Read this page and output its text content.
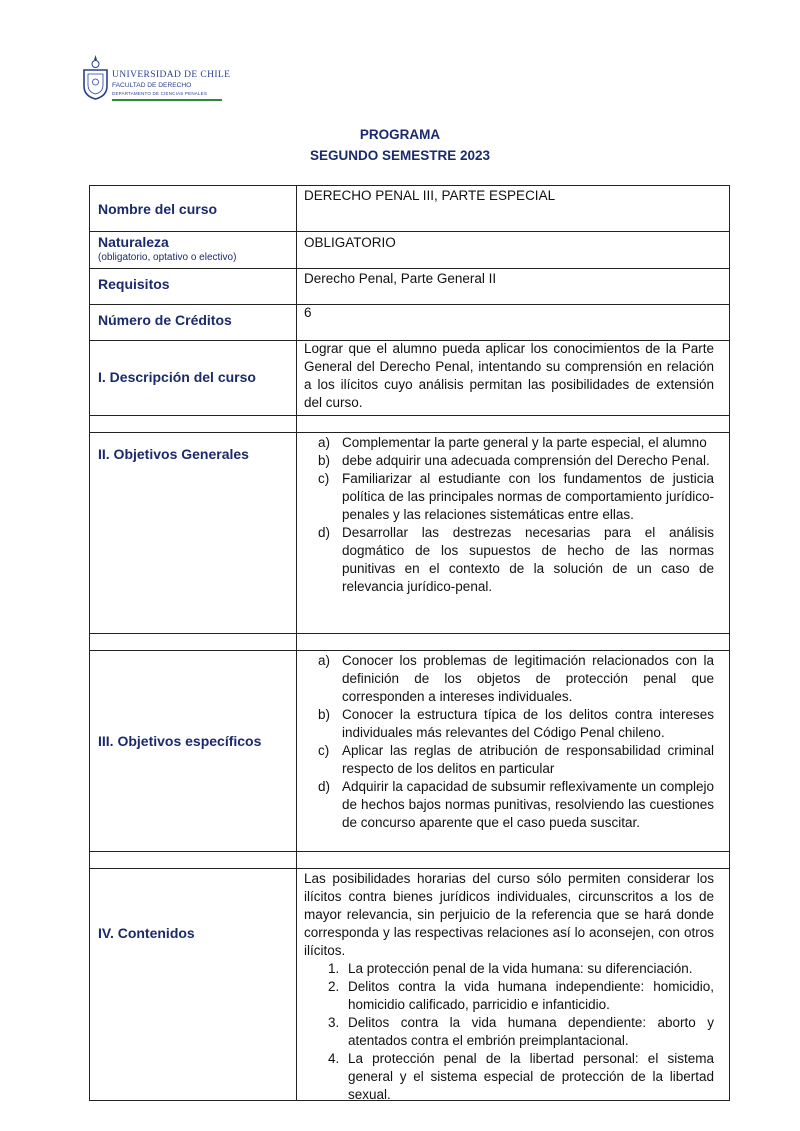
UNIVERSIDAD DE CHILE
FACULTAD DE DERECHO
DEPARTAMENTO DE CIENCIAS PENALES
PROGRAMA
SEGUNDO SEMESTRE 2023
Nombre del curso
DERECHO PENAL III, PARTE ESPECIAL
Naturaleza
(obligatorio, optativo o electivo)
OBLIGATORIO
Requisitos	Derecho Penal, Parte General II
Número de Créditos	6
I. Descripción del curso
Lograr que el alumno pueda aplicar los conocimientos de la Parte General del Derecho Penal, intentando su comprensión en relación a los ilícitos cuyo análisis permitan las posibilidades de extensión del curso.
II. Objetivos Generales
a) Complementar la parte general y la parte especial, el alumno
b) debe adquirir una adecuada comprensión del Derecho Penal.
c) Familiarizar al estudiante con los fundamentos de justicia política de las principales normas de comportamiento jurídico-penales y las relaciones sistemáticas entre ellas.
d) Desarrollar las destrezas necesarias para el análisis dogmático de los supuestos de hecho de las normas punitivas en el contexto de la solución de un caso de relevancia jurídico-penal.
III. Objetivos específicos
a) Conocer los problemas de legitimación relacionados con la definición de los objetos de protección penal que corresponden a intereses individuales.
b) Conocer la estructura típica de los delitos contra intereses individuales más relevantes del Código Penal chileno.
c) Aplicar las reglas de atribución de responsabilidad criminal respecto de los delitos en particular
d) Adquirir la capacidad de subsumir reflexivamente un complejo de hechos bajos normas punitivas, resolviendo las cuestiones de concurso aparente que el caso pueda suscitar.
IV. Contenidos
Las posibilidades horarias del curso sólo permiten considerar los ilícitos contra bienes jurídicos individuales, circunscritos a los de mayor relevancia, sin perjuicio de la referencia que se hará donde corresponda y las respectivas relaciones así lo aconsejen, con otros ilícitos.
1. La protección penal de la vida humana: su diferenciación.
2. Delitos contra la vida humana independiente: homicidio, homicidio calificado, parricidio e infanticidio.
3. Delitos contra la vida humana dependiente: aborto y atentados contra el embrión preimplantacional.
4. La protección penal de la libertad personal: el sistema general y el sistema especial de protección de la libertad sexual.
